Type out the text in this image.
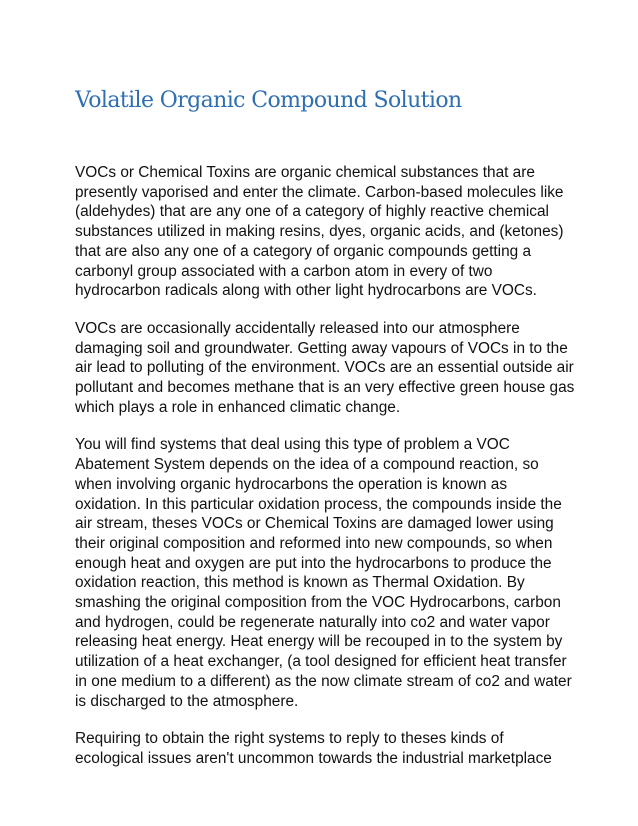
Volatile Organic Compound Solution

VOCs or Chemical Toxins are organic chemical substances that are presently vaporised and enter the climate. Carbon-based molecules like (aldehydes) that are any one of a category of highly reactive chemical substances utilized in making resins, dyes, organic acids, and (ketones) that are also any one of a category of organic compounds getting a carbonyl group associated with a carbon atom in every of two hydrocarbon radicals along with other light hydrocarbons are VOCs.

VOCs are occasionally accidentally released into our atmosphere damaging soil and groundwater. Getting away vapours of VOCs in to the air lead to polluting of the environment. VOCs are an essential outside air pollutant and becomes methane that is an very effective green house gas which plays a role in enhanced climatic change.

You will find systems that deal using this type of problem a VOC Abatement System depends on the idea of a compound reaction, so when involving organic hydrocarbons the operation is known as oxidation. In this particular oxidation process, the compounds inside the air stream, theses VOCs or Chemical Toxins are damaged lower using their original composition and reformed into new compounds, so when enough heat and oxygen are put into the hydrocarbons to produce the oxidation reaction, this method is known as Thermal Oxidation. By smashing the original composition from the VOC Hydrocarbons, carbon and hydrogen, could be regenerate naturally into co2 and water vapor releasing heat energy. Heat energy will be recouped in to the system by utilization of a heat exchanger, (a tool designed for efficient heat transfer in one medium to a different) as the now climate stream of co2 and water is discharged to the atmosphere.

Requiring to obtain the right systems to reply to theses kinds of ecological issues aren't uncommon towards the industrial marketplace
